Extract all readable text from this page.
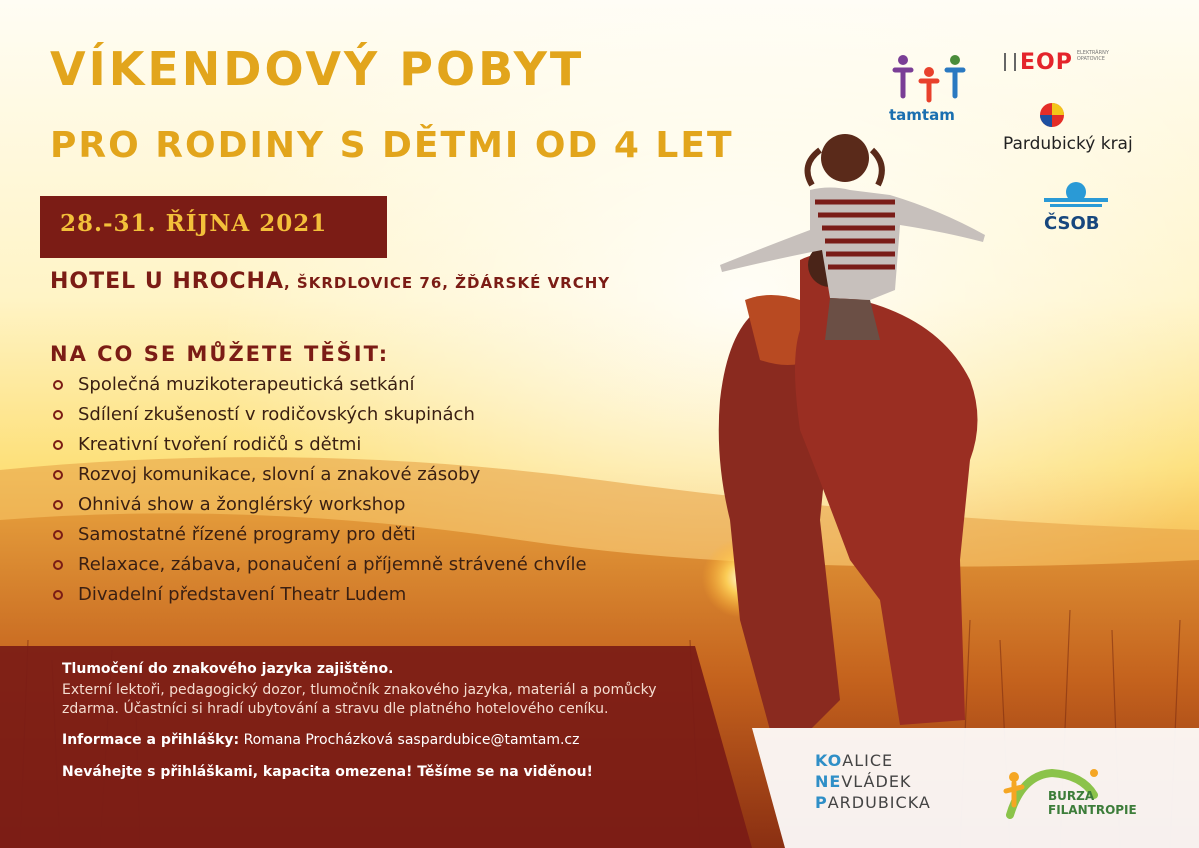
VÍKENDOVÝ POBYT
PRO RODINY S DĚTMI OD 4 LET
28.-31. ŘÍJNA 2021
HOTEL U HROCHA, ŠKRDLOVICE 76, ŽĎÁRSKÉ VRCHY
NA CO SE MŮŽETE TĚŠIT:
Společná muzikoterapeutická setkání
Sdílení zkušeností v rodičovských skupinách
Kreativní tvoření rodičů s dětmi
Rozvoj komunikace, slovní a znakové zásoby
Ohnivá show a žonglérský workshop
Samostatné řízené programy pro děti
Relaxace, zábava, ponaučení a příjemně strávené chvíle
Divadelní představení Theatr Ludem

Tlumočení do znakového jazyka zajištěno.

Externí lektoři, pedagogický dozor, tlumočník znakového jazyka, materiál a pomůcky zdarma. Účastníci si hradí ubytování a stravu dle platného hotelového ceníku.

Informace a přihlášky: Romana Procházková saspardubice@tamtam.cz

Neváhejte s přihláškami, kapacita omezena! Těšíme se na viděnou!

tamtam
EOP ELEKTRÁRNY OPATOVICE
Pardubický kraj
ČSOB
KOALICE
NEVLÁDEK
PARDUBICKA	BURZA
FILANTROPIE
